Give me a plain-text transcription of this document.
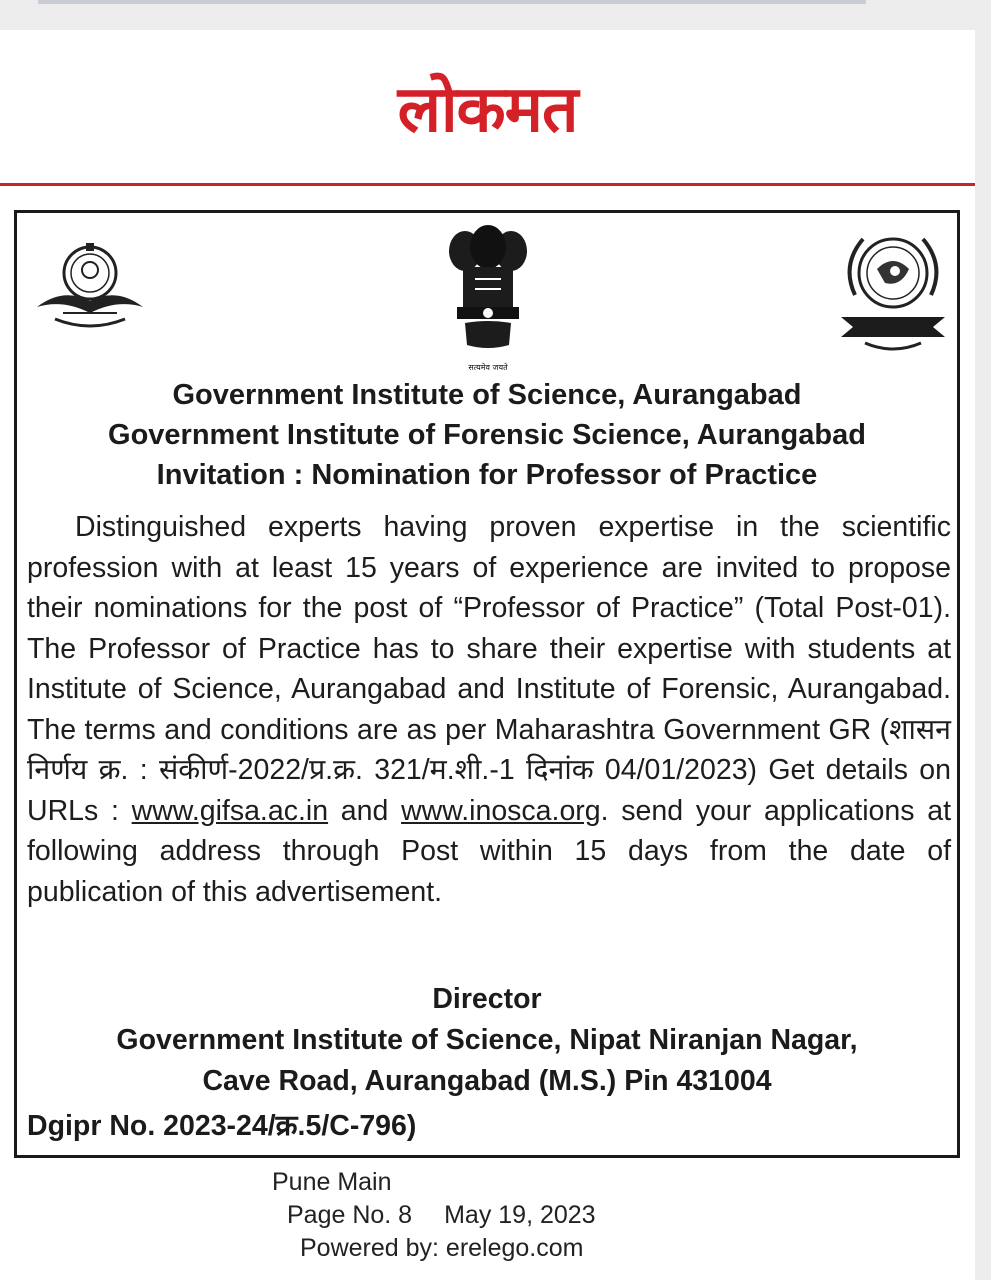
लोकमत
सत्यमेव जयते
Government Institute of Science, Aurangabad
Government Institute of Forensic Science, Aurangabad
Invitation : Nomination for Professor of Practice
Distinguished experts having proven expertise in the scientific profession with at least 15 years of experience are invited to propose their nominations for the post of “Professor of Practice” (Total Post-01). The Professor of Practice has to share their expertise with students at Institute of Science, Aurangabad and Institute of Forensic, Aurangabad. The terms and conditions are as per Maharashtra Government GR (शासन निर्णय क्र. : संकीर्ण-2022/प्र.क्र. 321/म.शी.-1 दिनांक 04/01/2023) Get details on URLs : www.gifsa.ac.in and www.inosca.org. send your applications at following address through Post within 15 days from the date of publication of this advertisement.
Director
Government Institute of Science, Nipat Niranjan Nagar,
Cave Road, Aurangabad (M.S.) Pin 431004
Dgipr No. 2023-24/क्र.5/C-796)
Pune Main
Page No. 8 May 19, 2023
Powered by: erelego.com
